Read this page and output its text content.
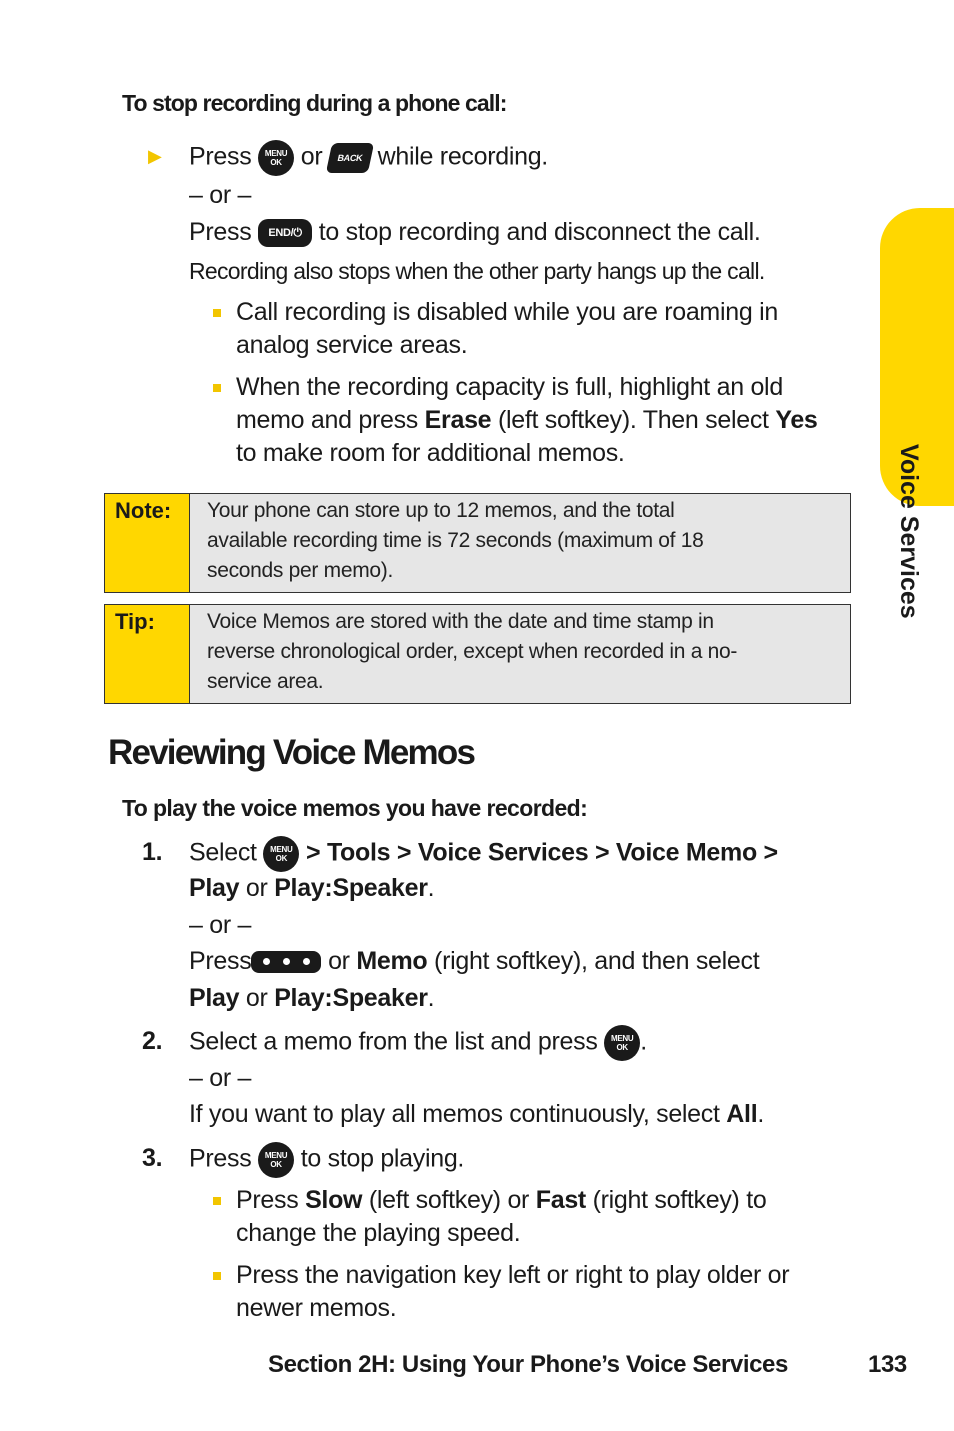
Voice Services
To stop recording during a phone call:
▶ Press	MENU
OK or BACK while recording.
– or –
Press END/⏻ to stop recording and disconnect the call.
Recording also stops when the other party hangs up the call.
Call recording is disabled while you are roaming in
analog service areas.
When the recording capacity is full, highlight an old
memo and press Erase (left softkey). Then select Yes
to make room for additional memos.
Note:	Your phone can store up to 12 memos, and the total
available recording time is 72 seconds (maximum of 18
seconds per memo).
Tip:	Voice Memos are stored with the date and time stamp in
reverse chronological order, except when recorded in a no-
service area.
Reviewing Voice Memos
To play the voice memos you have recorded:
1. Select	MENU
OK > Tools > Voice Services > Voice Memo >
Play or Play:Speaker.
– or –
Press	or Memo (right softkey), and then select
Play or Play:Speaker.
2. Select a memo from the list and press	MENU
OK .
– or –
If you want to play all memos continuously, select All.
3. Press	MENU
OK to stop playing.
Press Slow (left softkey) or Fast (right softkey) to
change the playing speed.
Press the navigation key left or right to play older or
newer memos.
Section 2H: Using Your Phone’s Voice Services	133
